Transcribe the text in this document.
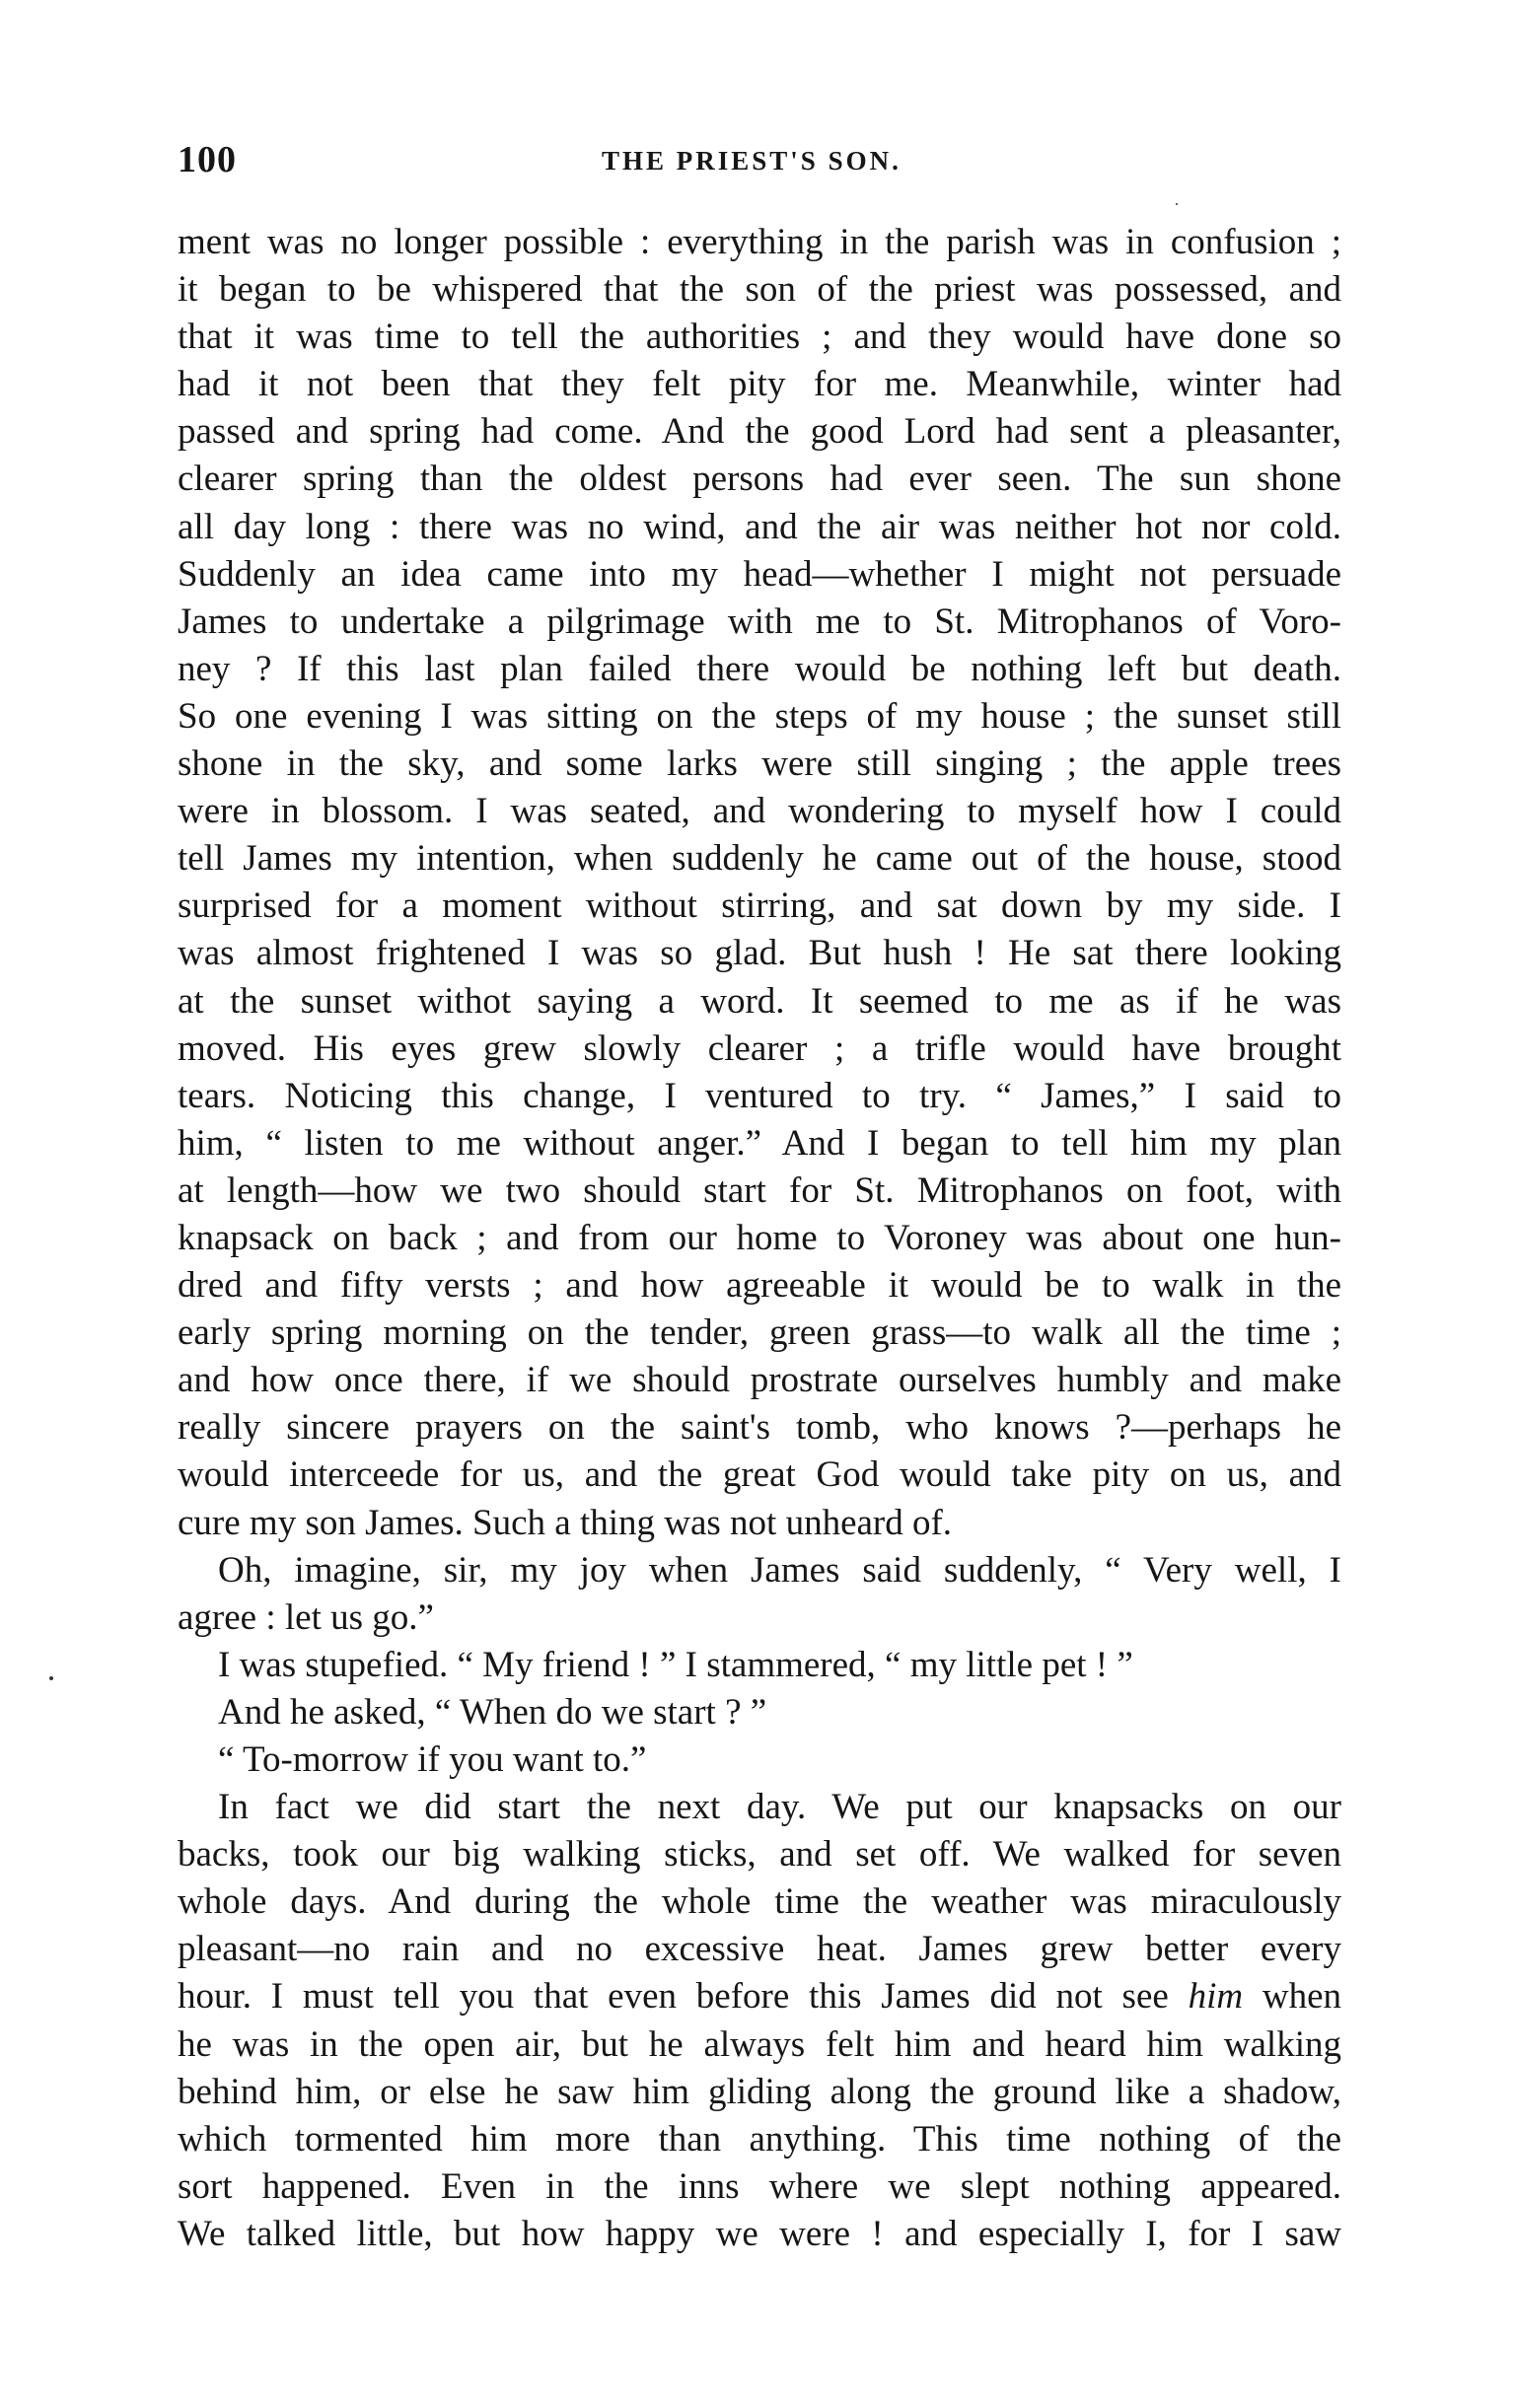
100	THE PRIEST'S SON.
ment was no longer possible : everything in the parish was in confusion ;
it began to be whispered that the son of the priest was possessed, and
that it was time to tell the authorities ; and they would have done so
had it not been that they felt pity for me. Meanwhile, winter had
passed and spring had come. And the good Lord had sent a pleasanter,
clearer spring than the oldest persons had ever seen. The sun shone
all day long : there was no wind, and the air was neither hot nor cold.
Suddenly an idea came into my head—whether I might not persuade
James to undertake a pilgrimage with me to St. Mitrophanos of Voro-
ney ? If this last plan failed there would be nothing left but death.
So one evening I was sitting on the steps of my house ; the sunset still
shone in the sky, and some larks were still singing ; the apple trees
were in blossom. I was seated, and wondering to myself how I could
tell James my intention, when suddenly he came out of the house, stood
surprised for a moment without stirring, and sat down by my side. I
was almost frightened I was so glad. But hush ! He sat there looking
at the sunset withot saying a word. It seemed to me as if he was
moved. His eyes grew slowly clearer ; a trifle would have brought
tears. Noticing this change, I ventured to try. “ James,” I said to
him, “ listen to me without anger.” And I began to tell him my plan
at length—how we two should start for St. Mitrophanos on foot, with
knapsack on back ; and from our home to Voroney was about one hun-
dred and fifty versts ; and how agreeable it would be to walk in the
early spring morning on the tender, green grass—to walk all the time ;
and how once there, if we should prostrate ourselves humbly and make
really sincere prayers on the saint's tomb, who knows ?—perhaps he
would interceede for us, and the great God would take pity on us, and
cure my son James. Such a thing was not unheard of.
Oh, imagine, sir, my joy when James said suddenly, “ Very well, I
agree : let us go.”
I was stupefied. “ My friend ! ” I stammered, “ my little pet ! ”
And he asked, “ When do we start ? ”
“ To-morrow if you want to.”
In fact we did start the next day. We put our knapsacks on our
backs, took our big walking sticks, and set off. We walked for seven
whole days. And during the whole time the weather was miraculously
pleasant—no rain and no excessive heat. James grew better every
hour. I must tell you that even before this James did not see him when
he was in the open air, but he always felt him and heard him walking
behind him, or else he saw him gliding along the ground like a shadow,
which tormented him more than anything. This time nothing of the
sort happened. Even in the inns where we slept nothing appeared.
We talked little, but how happy we were ! and especially I, for I saw
